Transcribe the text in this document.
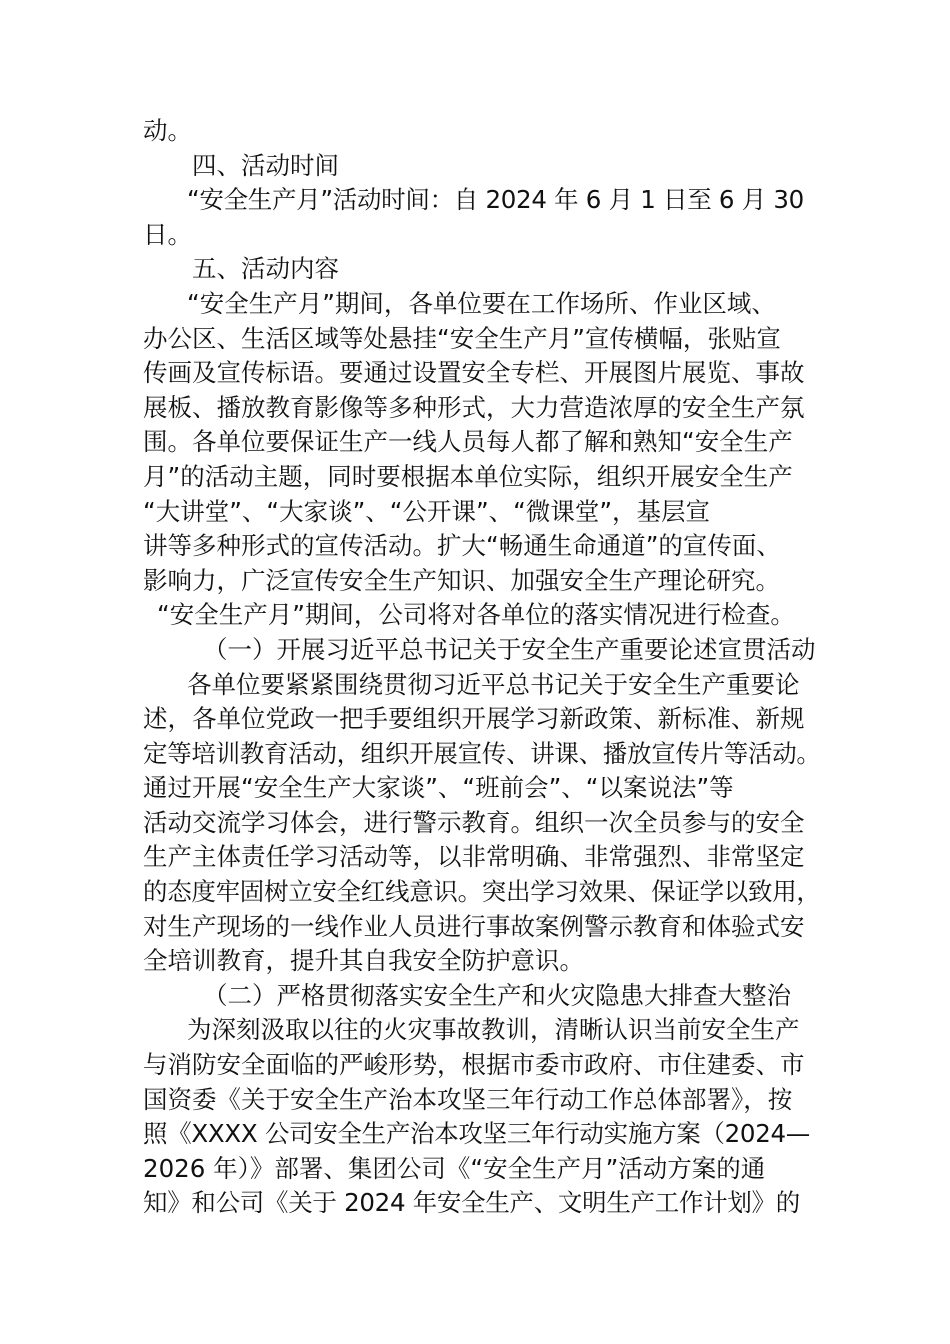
动。
四、活动时间
“安全生产月”活动时间：自 2024 年 6 月 1 日至 6 月 30
日。
五、活动内容
“安全生产月”期间，各单位要在工作场所、作业区域、
办公区、生活区域等处悬挂“安全生产月”宣传横幅，张贴宣
传画及宣传标语。要通过设置安全专栏、开展图片展览、事故
展板、播放教育影像等多种形式，大力营造浓厚的安全生产氛
围。各单位要保证生产一线人员每人都了解和熟知“安全生产
月”的活动主题，同时要根据本单位实际，组织开展安全生产
“大讲堂”、“大家谈”、“公开课”、“微课堂”，基层宣
讲等多种形式的宣传活动。扩大“畅通生命通道”的宣传面、
影响力，广泛宣传安全生产知识、加强安全生产理论研究。
“安全生产月”期间，公司将对各单位的落实情况进行检查。
（一）开展习近平总书记关于安全生产重要论述宣贯活动
各单位要紧紧围绕贯彻习近平总书记关于安全生产重要论
述，各单位党政一把手要组织开展学习新政策、新标准、新规
定等培训教育活动，组织开展宣传、讲课、播放宣传片等活动。
通过开展“安全生产大家谈”、“班前会”、“以案说法”等
活动交流学习体会，进行警示教育。组织一次全员参与的安全
生产主体责任学习活动等，以非常明确、非常强烈、非常坚定
的态度牢固树立安全红线意识。突出学习效果、保证学以致用，
对生产现场的一线作业人员进行事故案例警示教育和体验式安
全培训教育，提升其自我安全防护意识。
（二）严格贯彻落实安全生产和火灾隐患大排查大整治
为深刻汲取以往的火灾事故教训，清晰认识当前安全生产
与消防安全面临的严峻形势，根据市委市政府、市住建委、市
国资委《关于安全生产治本攻坚三年行动工作总体部署》，按
照《XXXX 公司安全生产治本攻坚三年行动实施方案（2024—
2026 年）》部署、集团公司《“安全生产月”活动方案的通
知》和公司《关于 2024 年安全生产、文明生产工作计划》的
